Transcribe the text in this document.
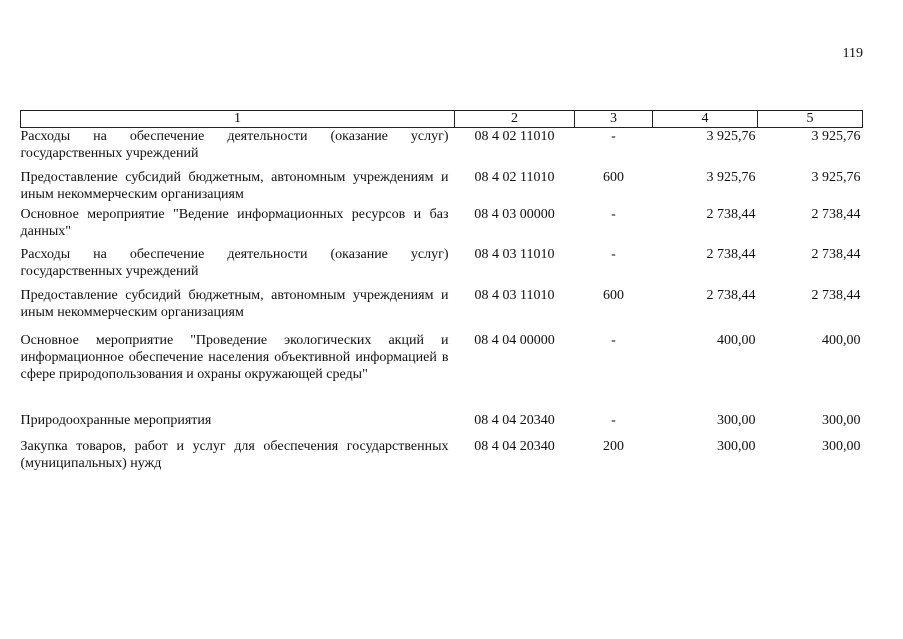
119
1	2	3	4	5
Расходы на обеспечение деятельности (оказание услуг) государственных учреждений	08 4 02 11010	-	3 925,76	3 925,76
Предоставление субсидий бюджетным, автономным учреждениям и иным некоммерческим организациям	08 4 02 11010	600	3 925,76	3 925,76
Основное мероприятие "Ведение информационных ресурсов и баз данных"	08 4 03 00000	-	2 738,44	2 738,44
Расходы на обеспечение деятельности (оказание услуг) государственных учреждений	08 4 03 11010	-	2 738,44	2 738,44
Предоставление субсидий бюджетным, автономным учреждениям и иным некоммерческим организациям	08 4 03 11010	600	2 738,44	2 738,44
Основное мероприятие "Проведение экологических акций и информационное обеспечение населения объективной информацией в сфере природопользования и охраны окружающей среды"	08 4 04 00000	-	400,00	400,00
Природоохранные мероприятия	08 4 04 20340	-	300,00	300,00
Закупка товаров, работ и услуг для обеспечения государственных (муниципальных) нужд	08 4 04 20340	200	300,00	300,00
